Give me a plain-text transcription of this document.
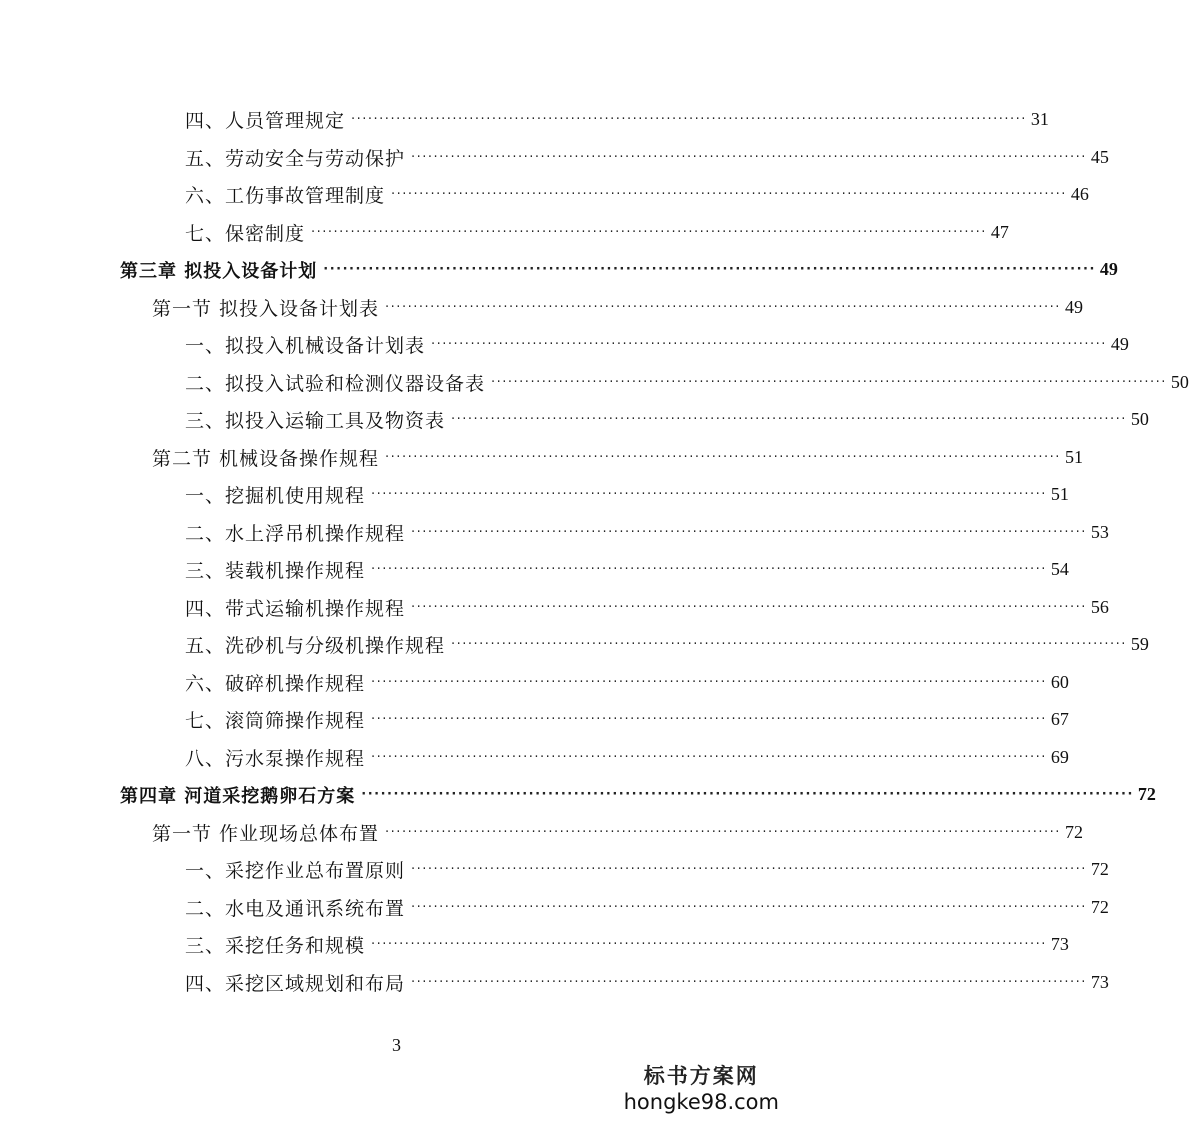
四、人员管理规定 ························································································································ 31
五、劳动安全与劳动保护 ························································································································ 45
六、工伤事故管理制度 ························································································································ 46
七、保密制度 ························································································································ 47
第三章 拟投入设备计划 ························································································································ 49
第一节 拟投入设备计划表 ························································································································ 49
一、拟投入机械设备计划表 ························································································································ 49
二、拟投入试验和检测仪器设备表 ························································································································ 50
三、拟投入运输工具及物资表 ························································································································ 50
第二节 机械设备操作规程 ························································································································ 51
一、挖掘机使用规程 ························································································································ 51
二、水上浮吊机操作规程 ························································································································ 53
三、装载机操作规程 ························································································································ 54
四、带式运输机操作规程 ························································································································ 56
五、洗砂机与分级机操作规程 ························································································································ 59
六、破碎机操作规程 ························································································································ 60
七、滚筒筛操作规程 ························································································································ 67
八、污水泵操作规程 ························································································································ 69
第四章 河道采挖鹅卵石方案 ························································································································ 72
第一节 作业现场总体布置 ························································································································ 72
一、采挖作业总布置原则 ························································································································ 72
二、水电及通讯系统布置 ························································································································ 72
三、采挖任务和规模 ························································································································ 73
四、采挖区域规划和布局 ························································································································ 73
3
标书方案网
hongke98.com
